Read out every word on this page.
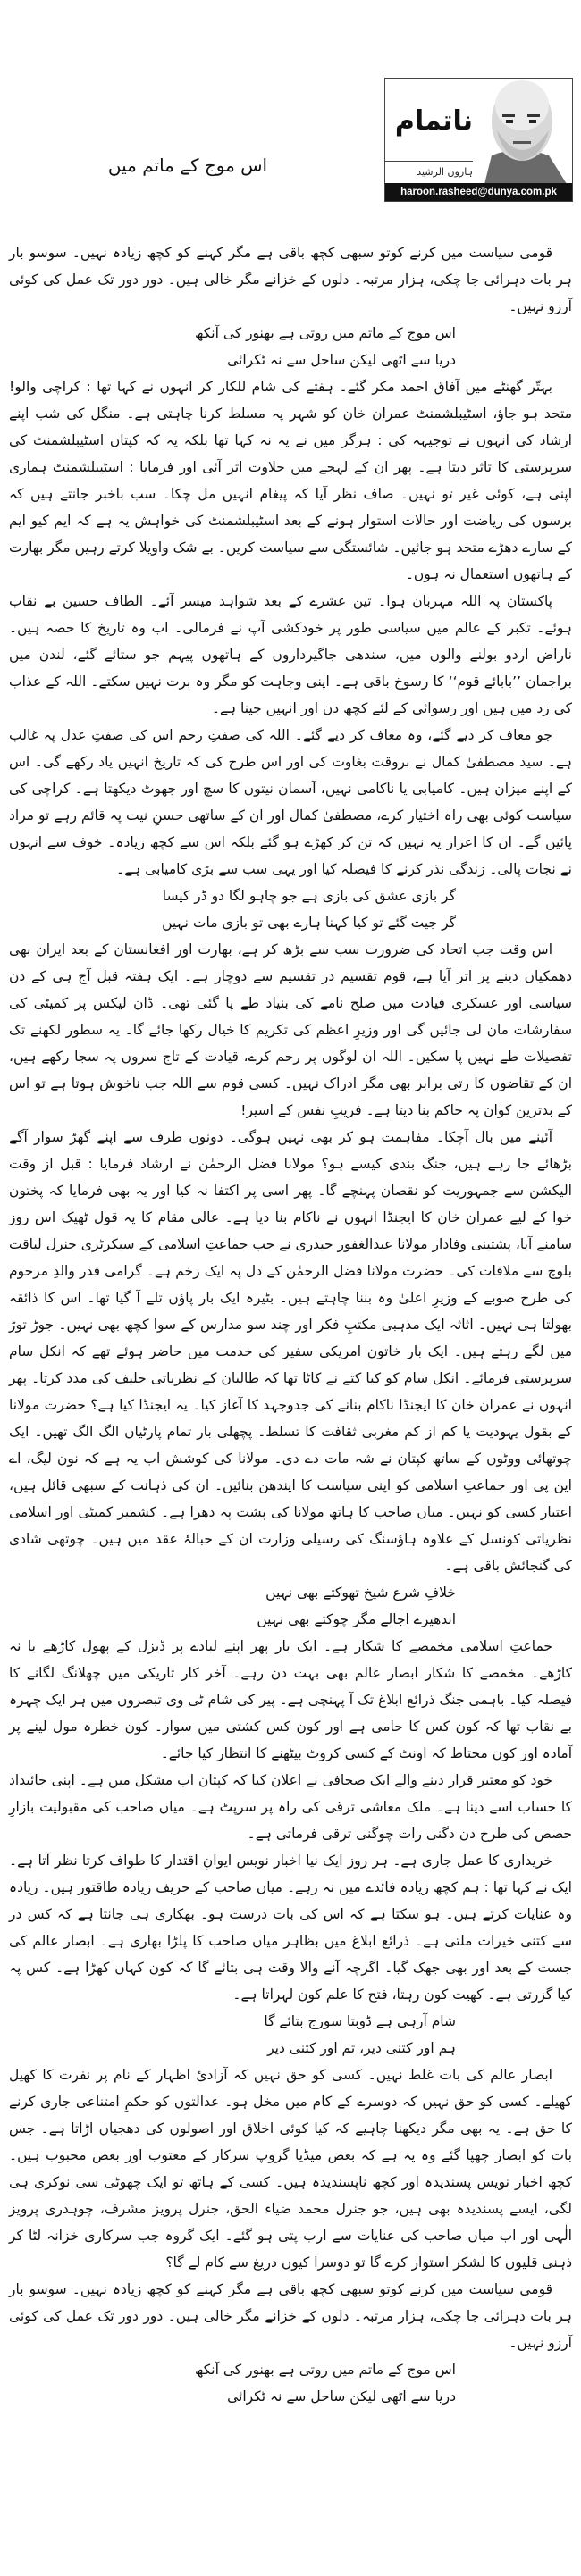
ناتمام
ہارون الرشید
haroon.rasheed@dunya.com.pk
اس موج کے ماتم میں

قومی سیاست میں کرنے کوتو سبھی کچھ باقی ہے مگر کہنے کو کچھ زیادہ نہیں۔ سوسو بار ہر بات دہرائی جا چکی، ہزار مرتبہ۔ دلوں کے خزانے مگر خالی ہیں۔ دور دور تک عمل کی کوئی آرزو نہیں۔

اس موج کے ماتم میں روتی ہے بھنور کی آنکھ

دریا سے اٹھی لیکن ساحل سے نہ ٹکرائی

بہتّر گھنٹے میں آفاق احمد مکر گئے۔ ہفتے کی شام للکار کر انہوں نے کہا تھا : کراچی والو! متحد ہو جاؤ، اسٹیبلشمنٹ عمران خان کو شہر پہ مسلط کرنا چاہتی ہے۔ منگل کی شب اپنے ارشاد کی انہوں نے توجیہہ کی : ہرگز میں نے یہ نہ کہا تھا بلکہ یہ کہ کپتان اسٹیبلشمنٹ کی سرپرستی کا تاثر دیتا ہے۔ پھر ان کے لہجے میں حلاوت اتر آئی اور فرمایا : اسٹیبلشمنٹ ہماری اپنی ہے، کوئی غیر تو نہیں۔ صاف نظر آیا کہ پیغام انہیں مل چکا۔ سب باخبر جانتے ہیں کہ برسوں کی ریاضت اور حالات استوار ہونے کے بعد اسٹیبلشمنٹ کی خواہش یہ ہے کہ ایم کیو ایم کے سارے دھڑے متحد ہو جائیں۔ شائستگی سے سیاست کریں۔ بے شک واویلا کرتے رہیں مگر بھارت کے ہاتھوں استعمال نہ ہوں۔

پاکستان پہ اللہ مہربان ہوا۔ تین عشرے کے بعد شواہد میسر آئے۔ الطاف حسین بے نقاب ہوئے۔ تکبر کے عالم میں سیاسی طور پر خودکشی آپ نے فرمالی۔ اب وہ تاریخ کا حصہ ہیں۔ ناراض اردو بولنے والوں میں، سندھی جاگیرداروں کے ہاتھوں پیہم جو ستائے گئے، لندن میں براجمان ’’بابائے قوم‘‘ کا رسوخ باقی ہے۔ اپنی وجاہت کو مگر وہ برت نہیں سکتے۔ اللہ کے عذاب کی زد میں ہیں اور رسوائی کے لئے کچھ دن اور انہیں جینا ہے۔

جو معاف کر دیے گئے، وہ معاف کر دیے گئے۔ اللہ کی صفتِ رحم اس کی صفتِ عدل پہ غالب ہے۔ سید مصطفیٰ کمال نے بروقت بغاوت کی اور اس طرح کی کہ تاریخ انہیں یاد رکھے گی۔ اس کے اپنے میزان ہیں۔ کامیابی یا ناکامی نہیں، آسمان نیتوں کا سچ اور جھوٹ دیکھتا ہے۔ کراچی کی سیاست کوئی بھی راہ اختیار کرے، مصطفیٰ کمال اور ان کے ساتھی حسنِ نیت پہ قائم رہے تو مراد پائیں گے۔ ان کا اعزاز یہ نہیں کہ تن کر کھڑے ہو گئے بلکہ اس سے کچھ زیادہ۔ خوف سے انہوں نے نجات پالی۔ زندگی نذر کرنے کا فیصلہ کیا اور یہی سب سے بڑی کامیابی ہے۔

گر بازی عشق کی بازی ہے جو چاہو لگا دو ڈر کیسا

گر جیت گئے تو کیا کہنا ہارے بھی تو بازی مات نہیں

اس وقت جب اتحاد کی ضرورت سب سے بڑھ کر ہے، بھارت اور افغانستان کے بعد ایران بھی دھمکیاں دینے پر اتر آیا ہے، قوم تقسیم در تقسیم سے دوچار ہے۔ ایک ہفتہ قبل آج ہی کے دن سیاسی اور عسکری قیادت میں صلح نامے کی بنیاد طے پا گئی تھی۔ ڈان لیکس پر کمیٹی کی سفارشات مان لی جائیں گی اور وزیرِ اعظم کی تکریم کا خیال رکھا جائے گا۔ یہ سطور لکھنے تک تفصیلات طے نہیں پا سکیں۔ اللہ ان لوگوں پر رحم کرے، قیادت کے تاج سروں پہ سجا رکھے ہیں، ان کے تقاضوں کا رتی برابر بھی مگر ادراک نہیں۔ کسی قوم سے اللہ جب ناخوش ہوتا ہے تو اس کے بدترین کوان پہ حاکم بنا دیتا ہے۔ فریبِ نفس کے اسیر!

آئینے میں بال آچکا۔ مفاہمت ہو کر بھی نہیں ہوگی۔ دونوں طرف سے اپنے گھڑ سوار آگے بڑھائے جا رہے ہیں، جنگ بندی کیسے ہو؟ مولانا فضل الرحمٰن نے ارشاد فرمایا : قبل از وقت الیکشن سے جمہوریت کو نقصان پہنچے گا۔ پھر اسی پر اکتفا نہ کیا اور یہ بھی فرمایا کہ پختون خوا کے لیے عمران خان کا ایجنڈا انہوں نے ناکام بنا دیا ہے۔ عالی مقام کا یہ قول ٹھیک اس روز سامنے آیا، پشتینی وفادار مولانا عبدالغفور حیدری نے جب جماعتِ اسلامی کے سیکرٹری جنرل لیاقت بلوچ سے ملاقات کی۔ حضرت مولانا فضل الرحمٰن کے دل پہ ایک زخم ہے۔ گرامی قدر والدِ مرحوم کی طرح صوبے کے وزیرِ اعلیٰ وہ بننا چاہتے ہیں۔ بٹیرہ ایک بار پاؤں تلے آ گیا تھا۔ اس کا ذائقہ بھولتا ہی نہیں۔ اثاثہ ایک مذہبی مکتبِ فکر اور چند سو مدارس کے سوا کچھ بھی نہیں۔ جوڑ توڑ میں لگے رہتے ہیں۔ ایک بار خاتون امریکی سفیر کی خدمت میں حاضر ہوئے تھے کہ انکل سام سرپرستی فرمائے۔ انکل سام کو کیا کتے نے کاٹا تھا کہ طالبان کے نظریاتی حلیف کی مدد کرتا۔ پھر انہوں نے عمران خان کا ایجنڈا ناکام بنانے کی جدوجہد کا آغاز کیا۔ یہ ایجنڈا کیا ہے؟ حضرت مولانا کے بقول یہودیت یا کم از کم مغربی ثقافت کا تسلط۔ پچھلی بار تمام پارٹیاں الگ الگ تھیں۔ ایک چوتھائی ووٹوں کے ساتھ کپتان نے شہ مات دے دی۔ مولانا کی کوشش اب یہ ہے کہ نون لیگ، اے این پی اور جماعتِ اسلامی کو اپنی سیاست کا ایندھن بنائیں۔ ان کی ذہانت کے سبھی قائل ہیں، اعتبار کسی کو نہیں۔ میاں صاحب کا ہاتھ مولانا کی پشت پہ دھرا ہے۔ کشمیر کمیٹی اور اسلامی نظریاتی کونسل کے علاوہ ہاؤسنگ کی رسیلی وزارت ان کے حبالۂ عقد میں ہیں۔ چوتھی شادی کی گنجائش باقی ہے۔

خلافِ شرع شیخ تھوکتے بھی نہیں

اندھیرے اجالے مگر چوکتے بھی نہیں

جماعتِ اسلامی مخمصے کا شکار ہے۔ ایک بار پھر اپنے لبادے پر ڈیزل کے پھول کاڑھے یا نہ کاڑھے۔ مخمصے کا شکار ابصار عالم بھی بہت دن رہے۔ آخر کار تاریکی میں چھلانگ لگانے کا فیصلہ کیا۔ باہمی جنگ ذرائع ابلاغ تک آ پہنچی ہے۔ پیر کی شام ٹی وی تبصروں میں ہر ایک چہرہ بے نقاب تھا کہ کون کس کا حامی ہے اور کون کس کشتی میں سوار۔ کون خطرہ مول لینے پر آمادہ اور کون محتاط کہ اونٹ کے کسی کروٹ بیٹھنے کا انتظار کیا جائے۔

خود کو معتبر قرار دینے والے ایک صحافی نے اعلان کیا کہ کپتان اب مشکل میں ہے۔ اپنی جائیداد کا حساب اسے دینا ہے۔ ملک معاشی ترقی کی راہ پر سرپٹ ہے۔ میاں صاحب کی مقبولیت بازارِ حصص کی طرح دن دگنی رات چوگنی ترقی فرماتی ہے۔

خریداری کا عمل جاری ہے۔ ہر روز ایک نیا اخبار نویس ایوانِ اقتدار کا طواف کرتا نظر آتا ہے۔ ایک نے کہا تھا : ہم کچھ زیادہ فائدے میں نہ رہے۔ میاں صاحب کے حریف زیادہ طاقتور ہیں۔ زیادہ وہ عنایات کرتے ہیں۔ ہو سکتا ہے کہ اس کی بات درست ہو۔ بھکاری ہی جانتا ہے کہ کس در سے کتنی خیرات ملتی ہے۔ ذرائع ابلاغ میں بظاہر میاں صاحب کا پلڑا بھاری ہے۔ ابصار عالم کی جست کے بعد اور بھی جھک گیا۔ اگرچہ آنے والا وقت ہی بتائے گا کہ کون کہاں کھڑا ہے۔ کس پہ کیا گزرتی ہے۔ کھیت کون رہتا، فتح کا علم کون لہراتا ہے۔

شام آرہی ہے ڈوبتا سورج بتائے گا

ہم اور کتنی دیر، تم اور کتنی دیر

ابصار عالم کی بات غلط نہیں۔ کسی کو حق نہیں کہ آزادیٔ اظہار کے نام پر نفرت کا کھیل کھیلے۔ کسی کو حق نہیں کہ دوسرے کے کام میں مخل ہو۔ عدالتوں کو حکمِ امتناعی جاری کرنے کا حق ہے۔ یہ بھی مگر دیکھنا چاہیے کہ کیا کوئی اخلاق اور اصولوں کی دھجیاں اڑاتا ہے۔ جس بات کو ابصار چھپا گئے وہ یہ ہے کہ بعض میڈیا گروپ سرکار کے معتوب اور بعض محبوب ہیں۔ کچھ اخبار نویس پسندیدہ اور کچھ ناپسندیدہ ہیں۔ کسی کے ہاتھ تو ایک چھوٹی سی نوکری ہی لگی، ایسے پسندیدہ بھی ہیں، جو جنرل محمد ضیاء الحق، جنرل پرویز مشرف، چوہدری پرویز الٰہی اور اب میاں صاحب کی عنایات سے ارب پتی ہو گئے۔ ایک گروہ جب سرکاری خزانہ لٹا کر ذہنی قلیوں کا لشکر استوار کرے گا تو دوسرا کیوں دریغ سے کام لے گا؟

قومی سیاست میں کرنے کوتو سبھی کچھ باقی ہے مگر کہنے کو کچھ زیادہ نہیں۔ سوسو بار ہر بات دہرائی جا چکی، ہزار مرتبہ۔ دلوں کے خزانے مگر خالی ہیں۔ دور دور تک عمل کی کوئی آرزو نہیں۔

اس موج کے ماتم میں روتی ہے بھنور کی آنکھ

دریا سے اٹھی لیکن ساحل سے نہ ٹکرائی
